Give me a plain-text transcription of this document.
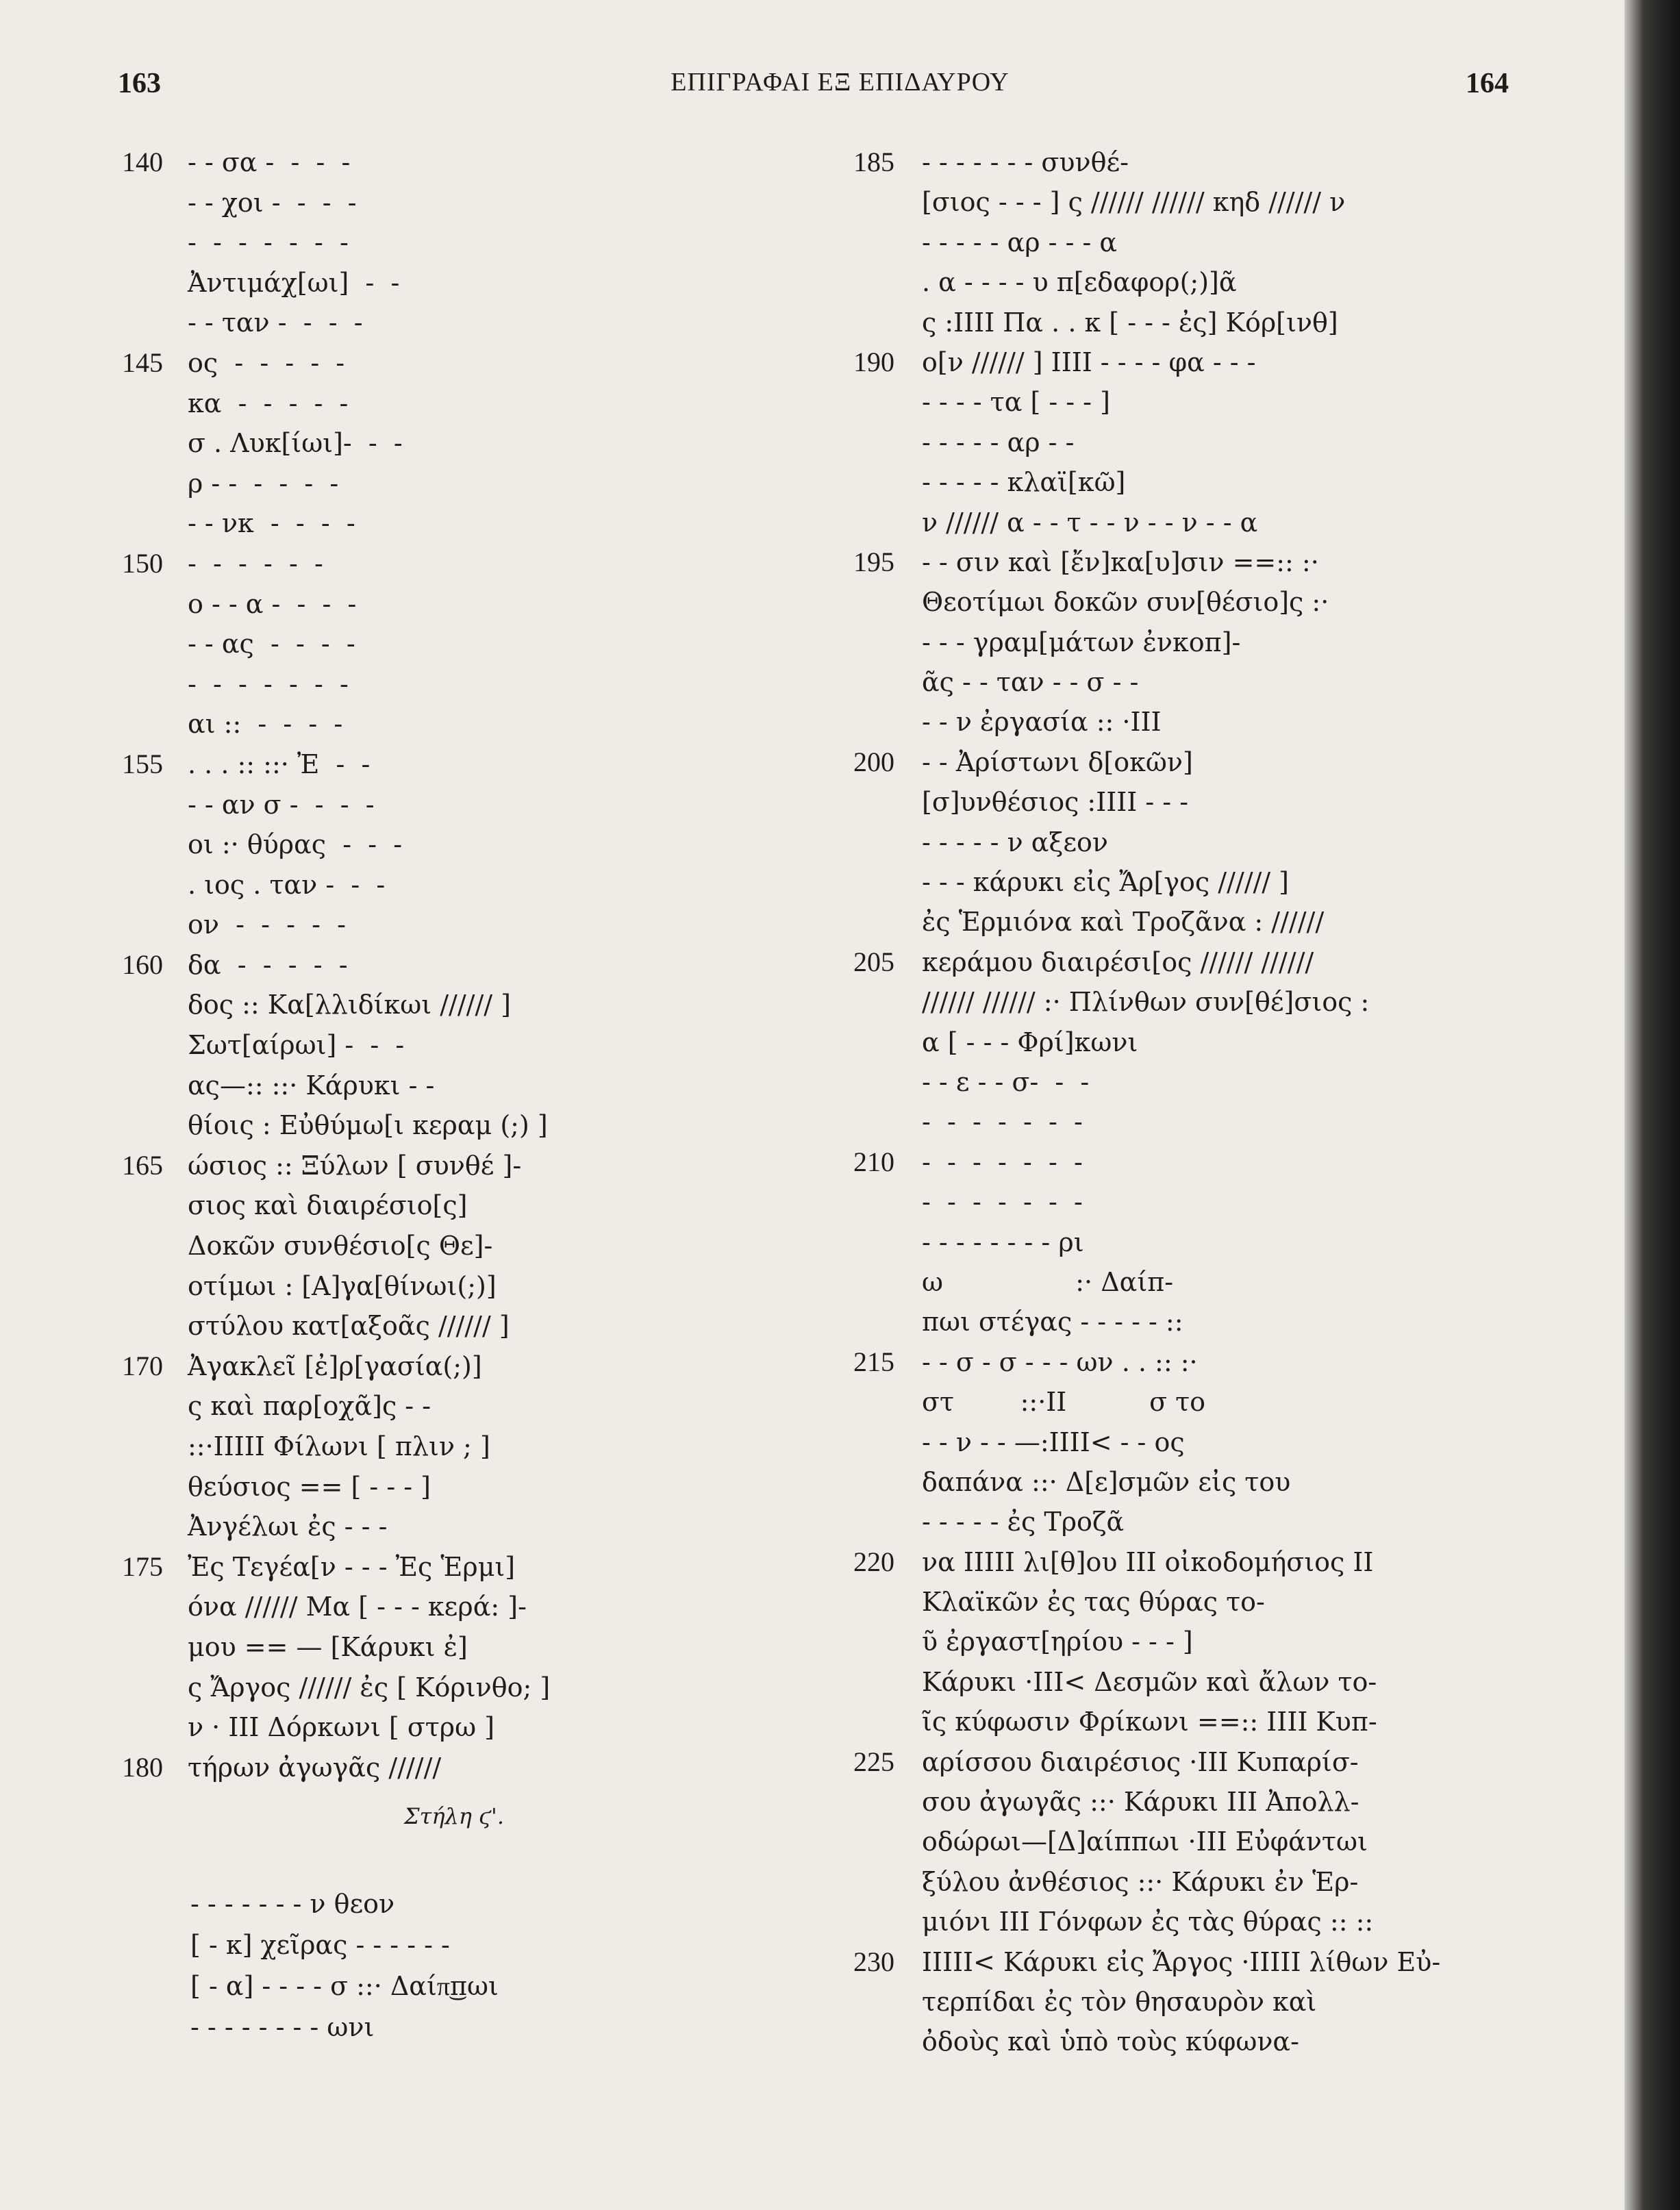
163	ΕΠΙΓΡΑΦΑΙ ΕΞ ΕΠΙΔΑΥΡΟΥ	164
140 - - σα -  -  -  -
- - χοι -  -  -  -
-  -  -  -  -  -  -
Ἀντιμάχ[ωι]  -  -
- - ταν -  -  -  -
145 ος  -  -  -  -  -
κα  -  -  -  -  -
σ . Λυκ[ίωι]-  -  -
ρ - -  -  -  -  -
- - νκ  -  -  -  -
150 -  -  -  -  -  -
ο - - α -  -  -  -
- - ας  -  -  -  -
-  -  -  -  -  -  -
αι ::  -  -  -  -
155 . . . :: ::· Ἐ  -  -
- - αν σ -  -  -  -
οι :· θύρας  -  -  -
. ιος . ταν -  -  -
ον  -  -  -  -  -
160 δα  -  -  -  -  -
δος :: Κα[λλιδίκωι ////// ]
Σωτ[αίρωι] -  -  -
ας—:: ::· Κάρυκι - -
θίοις : Εὐθύμω[ι κεραμ (;) ]
165 ώσιος :: Ξύλων [ συνθέ ]-
σιος καὶ διαιρέσιο[ς]
Δοκῶν συνθέσιο[ς Θε]-
οτίμωι : [Α]γα[θίνωι(;)]
στύλου κατ[αξοᾶς ////// ]
170 Ἀγακλεῖ [ἐ]ρ[γασία(;)]
ς καὶ παρ[οχᾶ]ς - -
::·ΙΙΙΙΙ Φίλωνι [ πλιν ; ]
θεύσιος == [ - - - ]
Ἀνγέλωι ἐς - - -
175 Ἐς Τεγέα[ν - - - Ἐς Ἑρμι]
όνα ////// Μα [ - - - κερά: ]-
μου == — [Κάρυκι ἐ]
ς Ἄργος ////// ἐς [ Κόρινθο; ]
ν · ΙΙΙ Δόρκωνι [ στρω ]
180 τήρων ἀγωγᾶς //////
185	- - - - - - - συνθέ-
[σιος - - - ] ς ////// ////// κηδ ////// ν
- - - - - αρ - - - α
. α - - - - υ π[εδαφορ(;)]ᾶ
ς :ΙΙΙΙ Πα . . κ [ - - - ἐς] Κόρ[ινθ]
190	ο[ν ////// ] ΙΙΙΙ - - - - φα - - -
- - - - τα [ - - - ]
- - - - - αρ - -
- - - - - κλαϊ[κῶ]
ν ////// α - - τ - - ν - - ν - - α
195	- - σιν καὶ [ἔν]κα[υ]σιν ==:: :·
Θεοτίμωι δοκῶν συν[θέσιο]ς :·
- - - γραμ[μάτων ἐνκοπ]-
ᾶς - - ταν - - σ - -
- - ν ἐργασία :: ·ΙΙΙ
200	- - Ἀρίστωνι δ[οκῶν]
[σ]υνθέσιος :ΙΙΙΙ - - -
- - - - - ν αξεον
- - - κάρυκι εἰς Ἄρ[γος ////// ]
ἐς Ἑρμιόνα καὶ Τροζᾶνα : //////
205	κεράμου διαιρέσι[ος ////// //////
////// ////// :· Πλίνθων συν[θέ]σιος :
α [ - - - Φρί]κωνι
- - ε - - σ-  -  -
-  -  -  -  -  -  -
210	-  -  -  -  -  -  -
-  -  -  -  -  -  -
- - - - - - - - ρι
ω                :· Δαίπ-
πωι στέγας - - - - - ::
215	- - σ - σ - - - ων . . :: :·
στ        ::·ΙΙ          σ το
- - ν - - —:ΙΙΙΙ< - - ος
δαπάνα ::· Δ[ε]σμῶν εἰς του
- - - - - ἐς Τροζᾶ
220	να ΙΙΙΙΙ λι[θ]ου ΙΙΙ οἰκοδομήσιος ΙΙ
Κλαϊκῶν ἐς τας θύρας το-
ῦ ἐργαστ[ηρίου - - - ]
Κάρυκι ·ΙΙΙ< Δεσμῶν καὶ ἄλων το-
ῖς κύφωσιν Φρίκωνι ==:: ΙΙΙΙ Κυπ-
225	αρίσσου διαιρέσιος ·ΙΙΙ Κυπαρίσ-
σου ἀγωγᾶς ::· Κάρυκι ΙΙΙ Ἀπολλ-
οδώρωι—[Δ]αίππωι ·ΙΙΙ Εὐφάντωι
ξύλου ἀνθέσιος ::· Κάρυκι ἐν Ἑρ-
μιόνι ΙΙΙ Γόνφων ἐς τὰς θύρας :: ::
230	ΙΙΙΙΙ< Κάρυκι εἰς Ἄργος ·ΙΙΙΙΙ λίθων Εὐ-
τερπίδαι ἐς τὸν θησαυρὸν καὶ
ὀδοὺς καὶ ὑπὸ τοὺς κύφωνα-
Στήλη ϛ'.
- - - - - - - ν θεον
[ - κ] χεῖρας - - - - - -
[ - α] - - - - σ ::· Δαίπ͜πωι
- - - - - - - - ωνι
